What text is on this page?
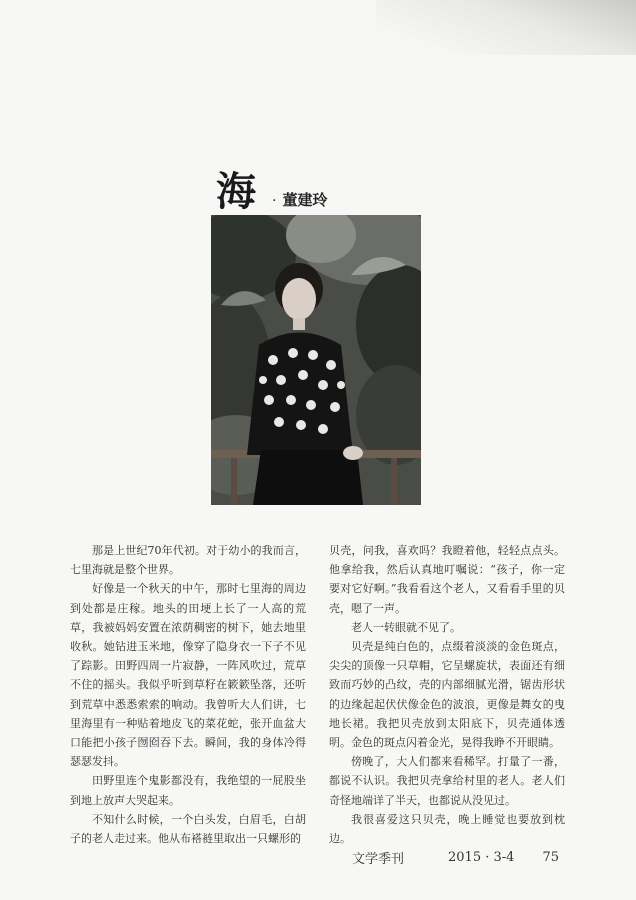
海 · 董建玲

那是上世纪70年代初。对于幼小的我而言，七里海就是整个世界。

好像是一个秋天的中午，那时七里海的周边到处都是庄稼。地头的田埂上长了一人高的荒草，我被妈妈安置在浓荫稠密的树下，她去地里收秋。她钻进玉米地，像穿了隐身衣一下子不见了踪影。田野四周一片寂静，一阵风吹过，荒草不住的摇头。我似乎听到草籽在簌簌坠落，还听到荒草中悉悉索索的响动。我曾听大人们讲，七里海里有一种贴着地皮飞的菜花蛇，张开血盆大口能把小孩子囫囵吞下去。瞬间，我的身体冷得瑟瑟发抖。

田野里连个鬼影都没有，我绝望的一屁股坐到地上放声大哭起来。

不知什么时候，一个白头发，白眉毛，白胡子的老人走过来。他从布褡裢里取出一只螺形的

贝壳，问我，喜欢吗？我瞪着他，轻轻点点头。他拿给我，然后认真地叮嘱说：“孩子，你一定要对它好啊。”我看看这个老人，又看看手里的贝壳，嗯了一声。

老人一转眼就不见了。

贝壳是纯白色的，点缀着淡淡的金色斑点，尖尖的顶像一只草帽，它呈螺旋状，表面还有细致而巧妙的凸纹，壳的内部细腻光滑，锯齿形状的边缘起起伏伏像金色的波浪，更像是舞女的曳地长裙。我把贝壳放到太阳底下，贝壳通体透明。金色的斑点闪着金光，晃得我睁不开眼睛。

傍晚了，大人们都来看稀罕。打量了一番，都说不认识。我把贝壳拿给村里的老人。老人们奇怪地端详了半天，也都说从没见过。

我很喜爱这只贝壳，晚上睡觉也要放到枕边。

文学季刊	2015 · 3-4 75
